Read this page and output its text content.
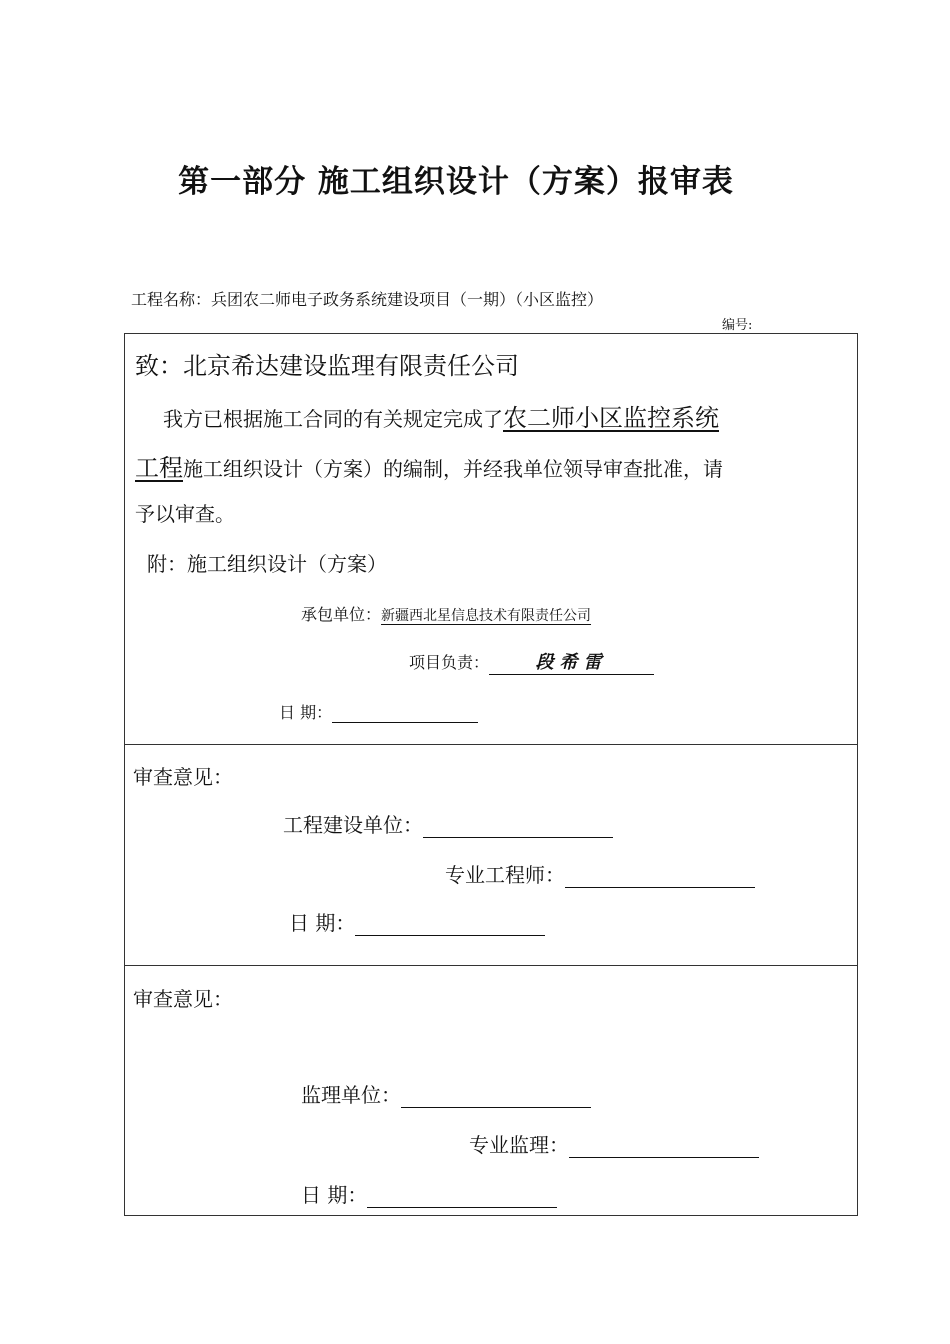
第一部分 施工组织设计（方案）报审表
工程名称：兵团农二师电子政务系统建设项目（一期）（小区监控）
编号:
致：北京希达建设监理有限责任公司
我方已根据施工合同的有关规定完成了农二师小区监控系统
工程施工组织设计（方案）的编制，并经我单位领导审查批准，请
予以审查。
附：施工组织设计（方案）
承包单位：新疆西北星信息技术有限责任公司
项目负责：	段希雷
日 期：
审查意见：
工程建设单位：
专业工程师：
日 期：
审查意见：
监理单位：
专业监理：
日 期：
